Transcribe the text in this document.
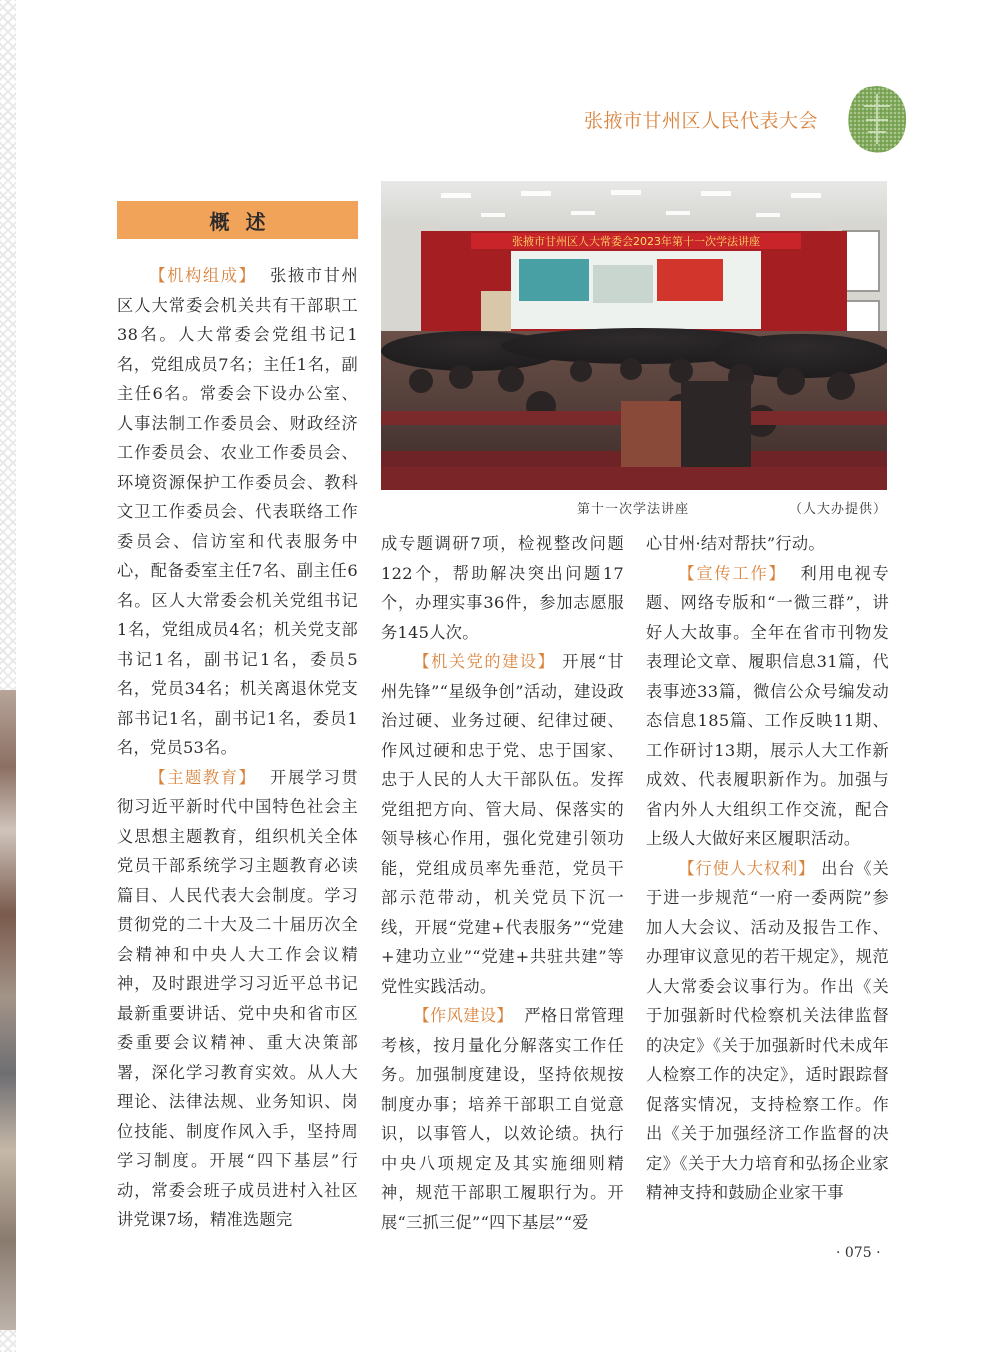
张掖市甘州区人民代表大会
概述
张掖市甘州区人大常委会2023年第十一次学法讲座
第十一次学法讲座	（人大办提供）

【机构组成】 张掖市甘州区人大常委会机关共有干部职工38名。人大常委会党组书记1名，党组成员7名；主任1名，副主任6名。常委会下设办公室、人事法制工作委员会、财政经济工作委员会、农业工作委员会、环境资源保护工作委员会、教科文卫工作委员会、代表联络工作委员会、信访室和代表服务中心，配备委室主任7名、副主任6名。区人大常委会机关党组书记1名，党组成员4名；机关党支部书记1名，副书记1名，委员5名，党员34名；机关离退休党支部书记1名，副书记1名，委员1名，党员53名。

【主题教育】 开展学习贯彻习近平新时代中国特色社会主义思想主题教育，组织机关全体党员干部系统学习主题教育必读篇目、人民代表大会制度。学习贯彻党的二十大及二十届历次全会精神和中央人大工作会议精神，及时跟进学习习近平总书记最新重要讲话、党中央和省市区委重要会议精神、重大决策部署，深化学习教育实效。从人大理论、法律法规、业务知识、岗位技能、制度作风入手，坚持周学习制度。开展“四下基层”行动，常委会班子成员进村入社区讲党课7场，精准选题完

成专题调研7项，检视整改问题122个，帮助解决突出问题17个，办理实事36件，参加志愿服务145人次。

【机关党的建设】 开展“甘州先锋”“星级争创”活动，建设政治过硬、业务过硬、纪律过硬、作风过硬和忠于党、忠于国家、忠于人民的人大干部队伍。发挥党组把方向、管大局、保落实的领导核心作用，强化党建引领功能，党组成员率先垂范，党员干部示范带动，机关党员下沉一线，开展“党建+代表服务”“党建+建功立业”“党建+共驻共建”等党性实践活动。

【作风建设】 严格日常管理考核，按月量化分解落实工作任务。加强制度建设，坚持依规按制度办事；培养干部职工自觉意识，以事管人，以效论绩。执行中央八项规定及其实施细则精神，规范干部职工履职行为。开展“三抓三促”“四下基层”“爱

心甘州·结对帮扶”行动。

【宣传工作】 利用电视专题、网络专版和“一微三群”，讲好人大故事。全年在省市刊物发表理论文章、履职信息31篇，代表事迹33篇，微信公众号编发动态信息185篇、工作反映11期、工作研讨13期，展示人大工作新成效、代表履职新作为。加强与省内外人大组织工作交流，配合上级人大做好来区履职活动。

【行使人大权利】 出台《关于进一步规范“一府一委两院”参加人大会议、活动及报告工作、办理审议意见的若干规定》，规范人大常委会议事行为。作出《关于加强新时代检察机关法律监督的决定》《关于加强新时代未成年人检察工作的决定》，适时跟踪督促落实情况，支持检察工作。作出《关于加强经济工作监督的决定》《关于大力培育和弘扬企业家精神支持和鼓励企业家干事

· 075 ·
